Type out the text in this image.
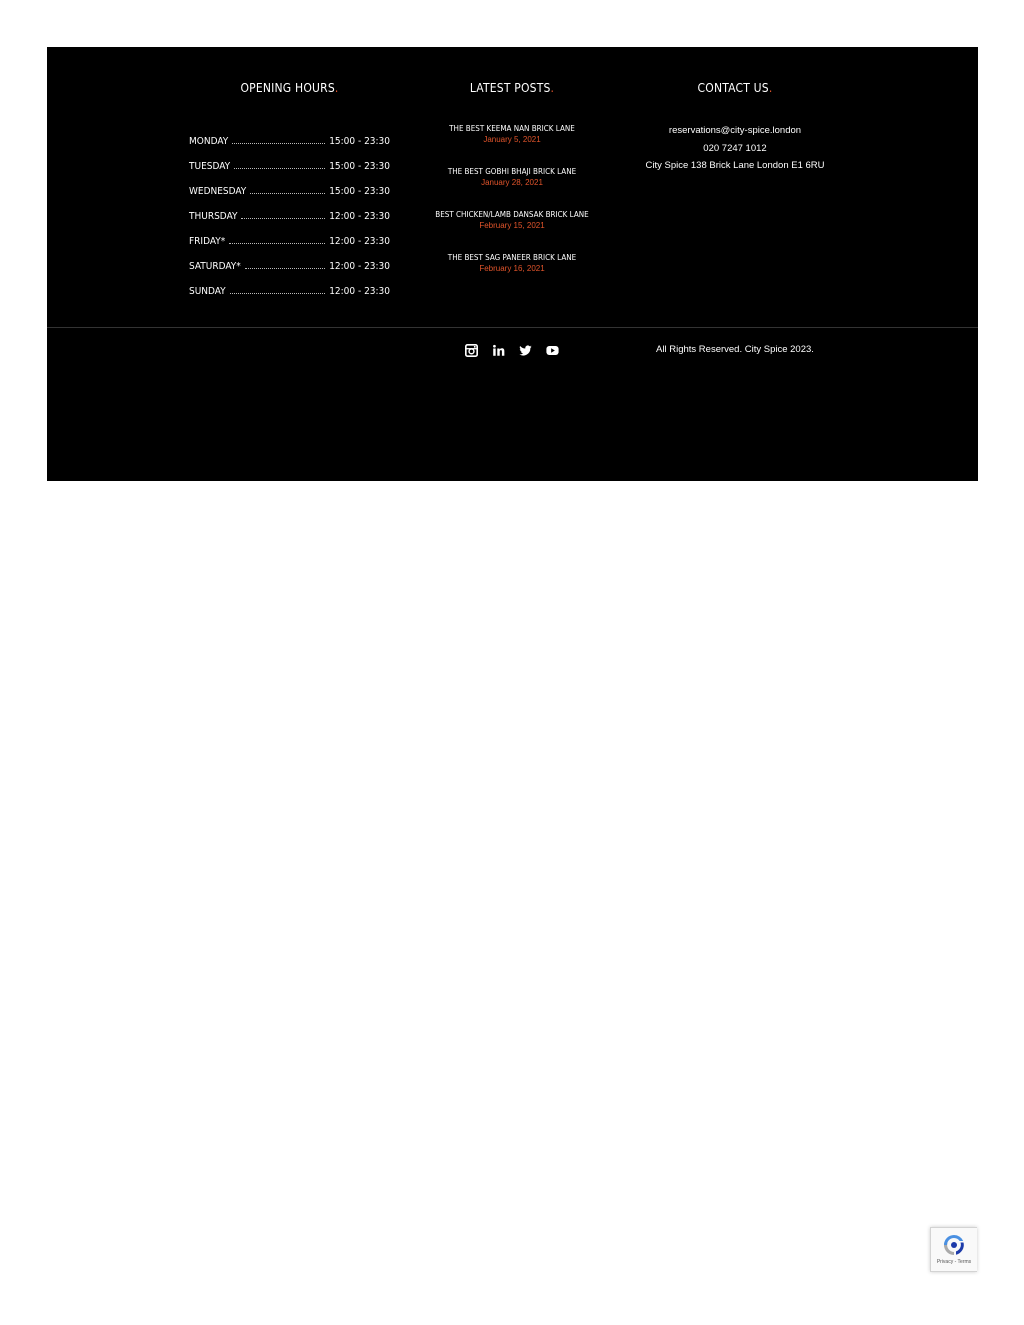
OPENING HOURS.	LATEST POSTS.	CONTACT US.
MONDAY	15:00 - 23:30
TUESDAY	15:00 - 23:30
WEDNESDAY	15:00 - 23:30
THURSDAY	12:00 - 23:30
FRIDAY*	12:00 - 23:30
SATURDAY*	12:00 - 23:30
SUNDAY	12:00 - 23:30
THE BEST KEEMA NAN BRICK LANE
January 5, 2021
THE BEST GOBHI BHAJI BRICK LANE
January 28, 2021
BEST CHICKEN/LAMB DANSAK BRICK LANE
February 15, 2021
THE BEST SAG PANEER BRICK LANE
February 16, 2021
reservations@city-spice.london
020 7247 1012
City Spice 138 Brick Lane London E1 6RU
All Rights Reserved. City Spice 2023.
Privacy - Terms
